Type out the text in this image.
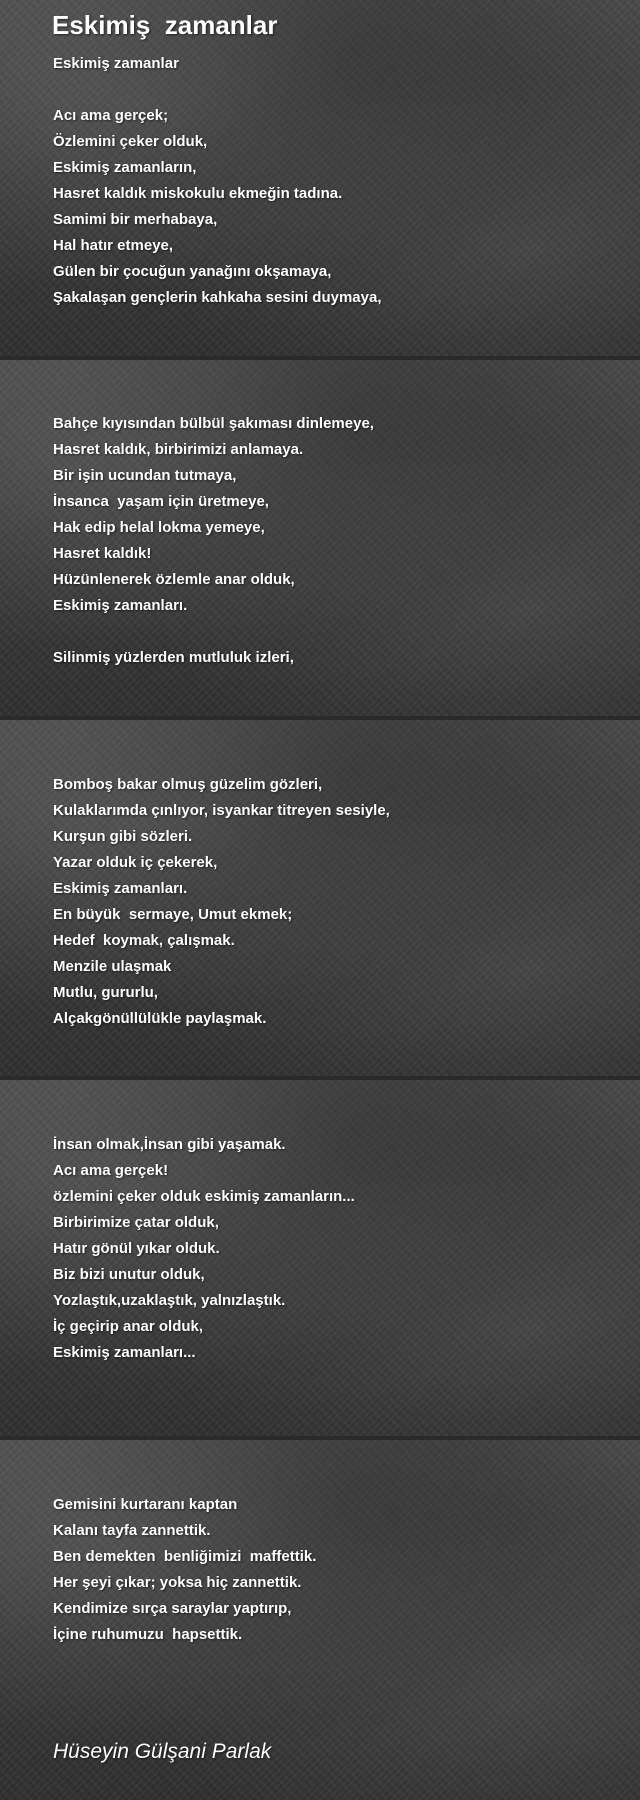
Eskimiş  zamanlar
Eskimiş zamanlar
Acı ama gerçek;
Özlemini çeker olduk,
Eskimiş zamanların,
Hasret kaldık miskokulu ekmeğin tadına.
Samimi bir merhabaya,
Hal hatır etmeye,
Gülen bir çocuğun yanağını okşamaya,
Şakalaşan gençlerin kahkaha sesini duymaya,
Bahçe kıyısından bülbül şakıması dinlemeye,
Hasret kaldık, birbirimizi anlamaya.
Bir işin ucundan tutmaya,
İnsanca  yaşam için üretmeye,
Hak edip helal lokma yemeye,
Hasret kaldık!
Hüzünlenerek özlemle anar olduk,
Eskimiş zamanları.
Silinmiş yüzlerden mutluluk izleri,
Bomboş bakar olmuş güzelim gözleri,
Kulaklarımda çınlıyor, isyankar titreyen sesiyle,
Kurşun gibi sözleri.
Yazar olduk iç çekerek,
Eskimiş zamanları.
En büyük  sermaye, Umut ekmek;
Hedef  koymak, çalışmak.
Menzile ulaşmak
Mutlu, gururlu,
Alçakgönüllülükle paylaşmak.
İnsan olmak,İnsan gibi yaşamak.
Acı ama gerçek!
özlemini çeker olduk eskimiş zamanların...
Birbirimize çatar olduk,
Hatır gönül yıkar olduk.
Biz bizi unutur olduk,
Yozlaştık,uzaklaştık, yalnızlaştık.
İç geçirip anar olduk,
Eskimiş zamanları...
Gemisini kurtaranı kaptan
Kalanı tayfa zannettik.
Ben demekten  benliğimizi  maffettik.
Her şeyi çıkar; yoksa hiç zannettik.
Kendimize sırça saraylar yaptırıp,
İçine ruhumuzu  hapsettik.
Hüseyin Gülşani Parlak
